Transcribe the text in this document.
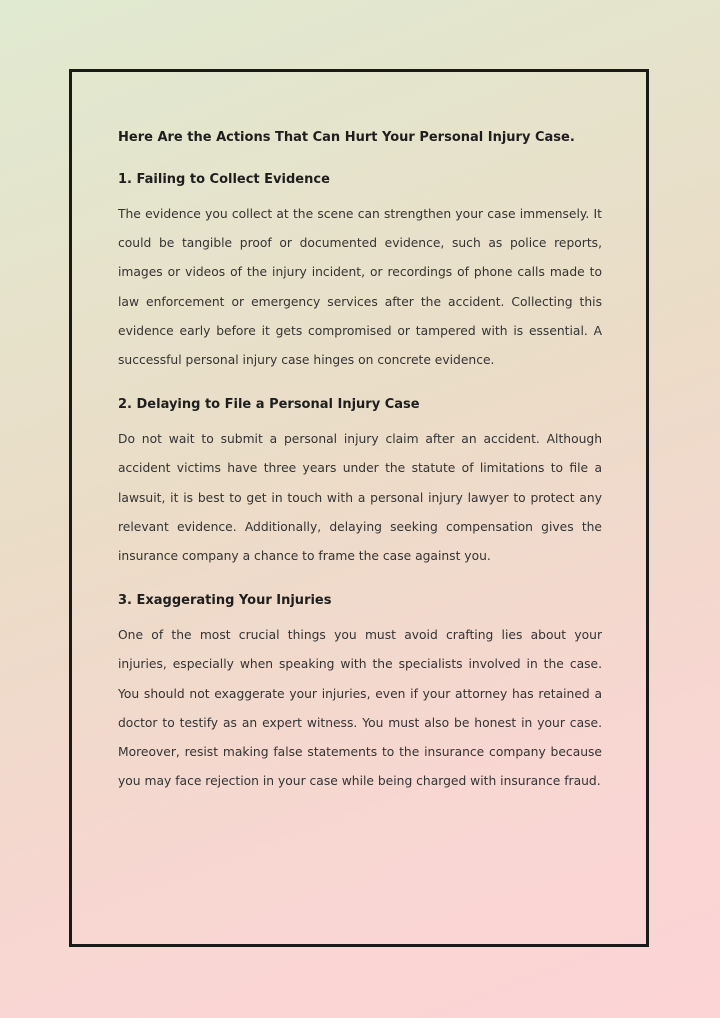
Here Are the Actions That Can Hurt Your Personal Injury Case.
1. Failing to Collect Evidence

The evidence you collect at the scene can strengthen your case immensely. It could be tangible proof or documented evidence, such as police reports, images or videos of the injury incident, or recordings of phone calls made to law enforcement or emergency services after the accident. Collecting this evidence early before it gets compromised or tampered with is essential. A successful personal injury case hinges on concrete evidence.

2. Delaying to File a Personal Injury Case

Do not wait to submit a personal injury claim after an accident. Although accident victims have three years under the statute of limitations to file a lawsuit, it is best to get in touch with a personal injury lawyer to protect any relevant evidence. Additionally, delaying seeking compensation gives the insurance company a chance to frame the case against you.

3. Exaggerating Your Injuries

One of the most crucial things you must avoid crafting lies about your injuries, especially when speaking with the specialists involved in the case. You should not exaggerate your injuries, even if your attorney has retained a doctor to testify as an expert witness. You must also be honest in your case. Moreover, resist making false statements to the insurance company because you may face rejection in your case while being charged with insurance fraud.
